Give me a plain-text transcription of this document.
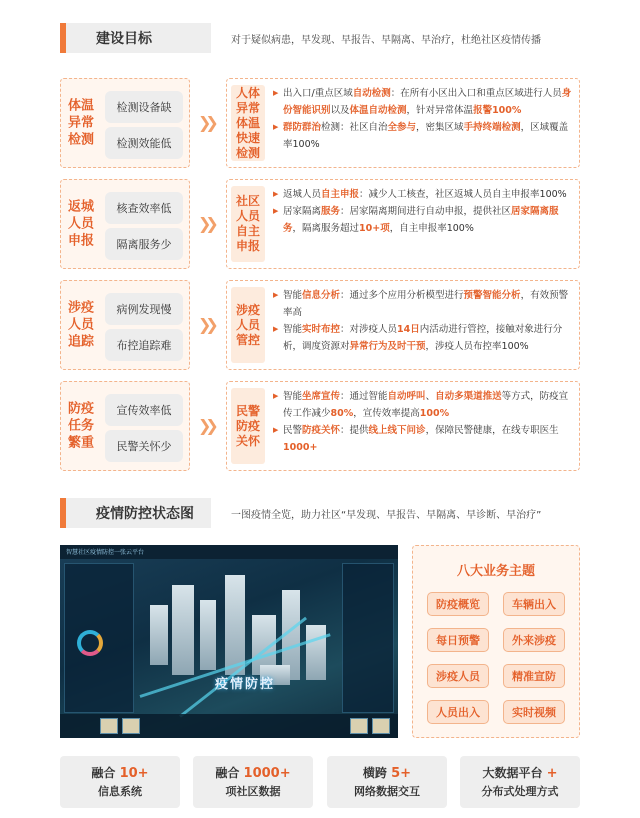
建设目标	对于疑似病患，早发现、早报告、早隔离、早治疗，杜绝社区疫情传播
体温异常检测
检测设备缺
检测效能低
❯❯
人体异常体温快速检测

▶ 出入口/重点区域自动检测：在所有小区出入口和重点区域进行人员身份智能识别以及体温自动检测，针对异常体温报警100%

▶ 群防群治检测：社区自治全参与，密集区域手持终端检测，区域覆盖率100%

返城人员申报
核查效率低
隔离服务少
❯❯
社区人员自主申报

▶ 返城人员自主申报：减少人工核查，社区返城人员自主申报率100%

▶ 居家隔离服务：居家隔离期间进行自动申报，提供社区居家隔离服务，隔离服务超过10+项，自主申报率100%

涉疫人员追踪
病例发现慢
布控追踪难
❯❯
涉疫人员管控

▶ 智能信息分析：通过多个应用分析模型进行预警智能分析，有效预警率高

▶ 智能实时布控：对涉疫人员14日内活动进行管控，接触对象进行分析，调度资源对异常行为及时干预，涉疫人员布控率100%

防疫任务繁重
宣传效率低
民警关怀少
❯❯
民警防疫关怀

▶ 智能坐席宣传：通过智能自动呼叫、自动多渠道推送等方式，防疫宣传工作减少80%，宣传效率提高100%

▶ 民警防疫关怀：提供线上线下问诊，保障民警健康，在线专职医生1000+

疫情防控状态图	一图疫情全览，助力社区“早发现、早报告、早隔离、早诊断、早治疗”
智慧社区疫情防控一张云平台
疫情防控
八大业务主题
防疫概览	车辆出入
每日预警	外来涉疫
涉疫人员	精准宣防
人员出入	实时视频
融合 10+
信息系统
融合 1000+
项社区数据
横跨 5+
网络数据交互
大数据平台 +
分布式处理方式
